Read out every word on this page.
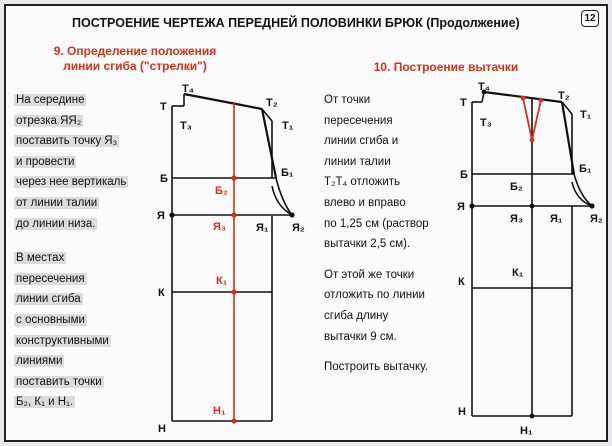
ПОСТРОЕНИЕ ЧЕРТЕЖА ПЕРЕДНЕЙ ПОЛОВИНКИ БРЮК (Продолжение)	12
9. Определение положения
линии сгиба ("стрелки")

На середине

отрезка ЯЯ₂

поставить точку Я₃

и провести

через нее вертикаль

от линии талии

до линии низа.

В местах

пересечения

линии сгиба

с основными

конструктивными

линиями

поставить точки

Б₂, К₁ и Н₁.

10. Построение вытачки

От точки

пересечения

линии сгиба и

линии талии

Т₂Т₄ отложить

влево и вправо

по 1,25 см (раствор

вытачки 2,5 см).

От этой же точки

отложить по линии

сгиба длину

вытачки 9 см.

Построить вытачку.

Т₄
Т
Т₃
Т₂
Т₁
Б	Б₁
Я
Я₁ Я₂
К
Н
Б₂
Я₃
К₁
Н₁
Т₄
Т
Т₃
Т₂
Т₁
Б	Б₁
Б₂
Я
Я₃ Я₁	Я₂
К
К₁
Н
Н₁
